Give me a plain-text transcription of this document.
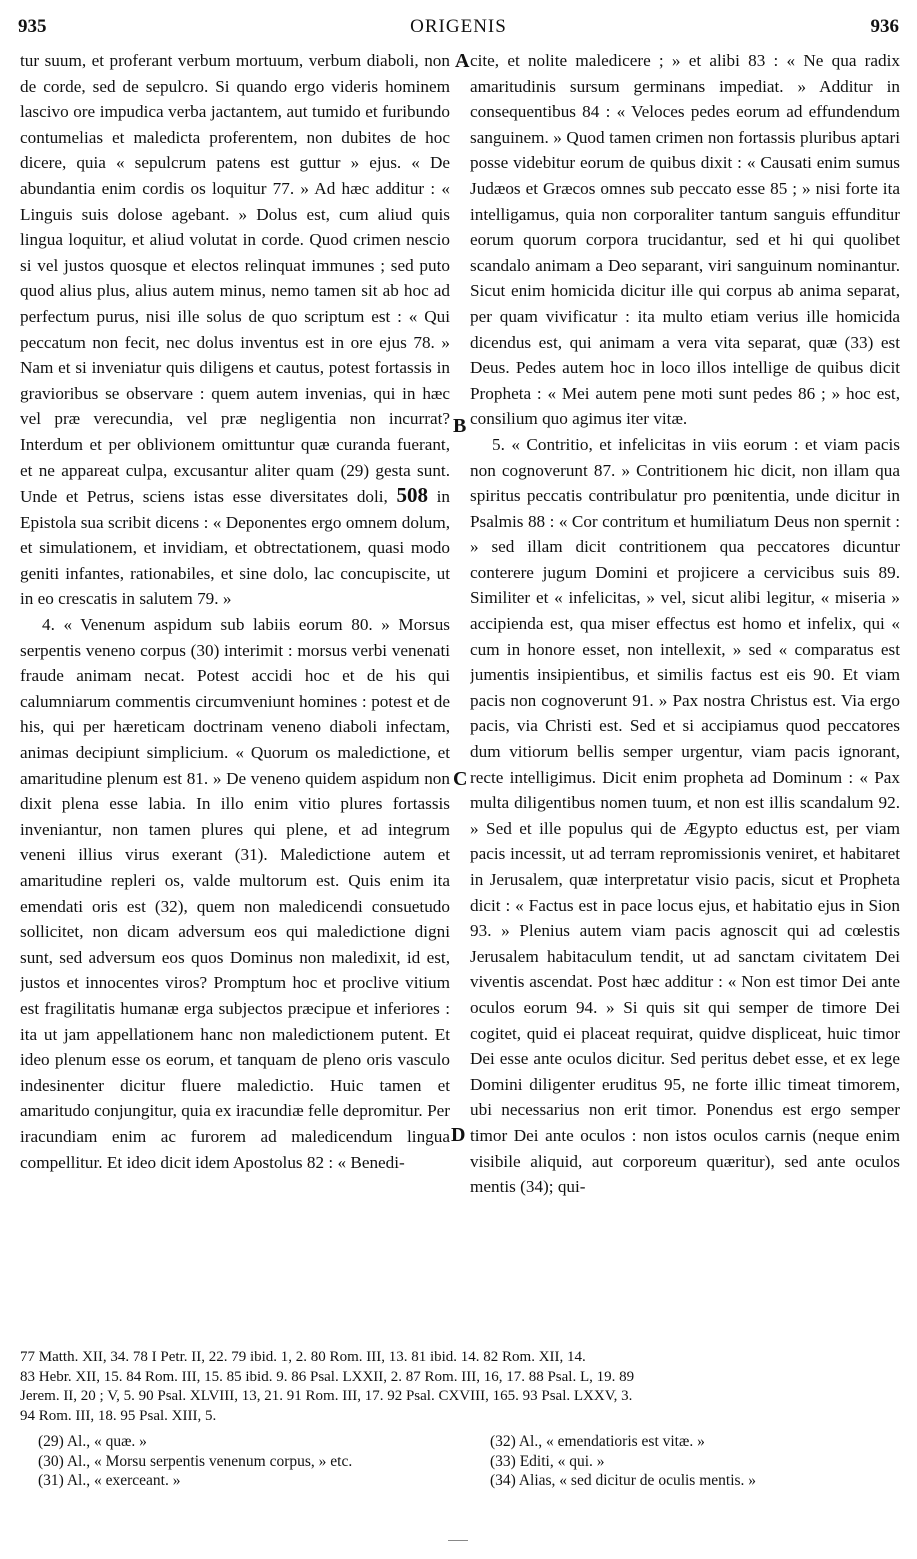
935	ORIGENIS	936

tur suum, et proferant verbum mortuum, verbum diaboli, non de corde, sed de sepulcro. Si quando ergo videris hominem lascivo ore impudica verba jactantem, aut tumido et furibundo contumelias et maledicta proferentem, non dubites de hoc dicere, quia « sepulcrum patens est guttur » ejus. « De abundantia enim cordis os loquitur 77. » Ad hæc additur : « Linguis suis dolose agebant. » Dolus est, cum aliud quis lingua loquitur, et aliud volutat in corde. Quod crimen nescio si vel justos quosque et electos relinquat immunes ; sed puto quod alius plus, alius autem minus, nemo tamen sit ab hoc ad perfectum purus, nisi ille solus de quo scriptum est : « Qui peccatum non fecit, nec dolus inventus est in ore ejus 78. » Nam et si inveniatur quis diligens et cautus, potest fortassis in gravioribus se observare : quem autem invenias, qui in hæc vel præ verecundia, vel præ negligentia non incurrat? Interdum et per oblivionem omittuntur quæ curanda fuerant, et ne appareat culpa, excusantur aliter quam (29) gesta sunt. Unde et Petrus, sciens istas esse diversitates doli, 508 in Epistola sua scribit dicens : « Deponentes ergo omnem dolum, et simulationem, et invidiam, et obtrectationem, quasi modo geniti infantes, rationabiles, et sine dolo, lac concupiscite, ut in eo crescatis in salutem 79. »

4. « Venenum aspidum sub labiis eorum 80. » Morsus serpentis veneno corpus (30) interimit : morsus verbi venenati fraude animam necat. Potest accidi hoc et de his qui calumniarum commentis circumveniunt homines : potest et de his, qui per hæreticam doctrinam veneno diaboli infectam, animas decipiunt simplicium. « Quorum os maledictione, et amaritudine plenum est 81. » De veneno quidem aspidum non dixit plena esse labia. In illo enim vitio plures fortassis inveniantur, non tamen plures qui plene, et ad integrum veneni illius virus exerant (31). Maledictione autem et amaritudine repleri os, valde multorum est. Quis enim ita emendati oris est (32), quem non maledicendi consuetudo sollicitet, non dicam adversum eos qui maledictione digni sunt, sed adversum eos quos Dominus non maledixit, id est, justos et innocentes viros? Promptum hoc et proclive vitium est fragilitatis humanæ erga subjectos præcipue et inferiores : ita ut jam appellationem hanc non maledictionem putent. Et ideo plenum esse os eorum, et tanquam de pleno oris vasculo indesinenter dicitur fluere maledictio. Huic tamen et amaritudo conjungitur, quia ex iracundiæ felle depromitur. Per iracundiam enim ac furorem ad maledicendum lingua compellitur. Et ideo dicit idem Apostolus 82 : « Benedi-

A
B
C
D

cite, et nolite maledicere ; » et alibi 83 : « Ne qua radix amaritudinis sursum germinans impediat. » Additur in consequentibus 84 : « Veloces pedes eorum ad effundendum sanguinem. » Quod tamen crimen non fortassis pluribus aptari posse videbitur eorum de quibus dixit : « Causati enim sumus Judæos et Græcos omnes sub peccato esse 85 ; » nisi forte ita intelligamus, quia non corporaliter tantum sanguis effunditur eorum quorum corpora trucidantur, sed et hi qui quolibet scandalo animam a Deo separant, viri sanguinum nominantur. Sicut enim homicida dicitur ille qui corpus ab anima separat, per quam vivificatur : ita multo etiam verius ille homicida dicendus est, qui animam a vera vita separat, quæ (33) est Deus. Pedes autem hoc in loco illos intellige de quibus dicit Propheta : « Mei autem pene moti sunt pedes 86 ; » hoc est, consilium quo agimus iter vitæ.

5. « Contritio, et infelicitas in viis eorum : et viam pacis non cognoverunt 87. » Contritionem hic dicit, non illam qua spiritus peccatis contribulatur pro pœnitentia, unde dicitur in Psalmis 88 : « Cor contritum et humiliatum Deus non spernit : » sed illam dicit contritionem qua peccatores dicuntur conterere jugum Domini et projicere a cervicibus suis 89. Similiter et « infelicitas, » vel, sicut alibi legitur, « miseria » accipienda est, qua miser effectus est homo et infelix, qui « cum in honore esset, non intellexit, » sed « comparatus est jumentis insipientibus, et similis factus est eis 90. Et viam pacis non cognoverunt 91. » Pax nostra Christus est. Via ergo pacis, via Christi est. Sed et si accipiamus quod peccatores dum vitiorum bellis semper urgentur, viam pacis ignorant, recte intelligimus. Dicit enim propheta ad Dominum : « Pax multa diligentibus nomen tuum, et non est illis scandalum 92. » Sed et ille populus qui de Ægypto eductus est, per viam pacis incessit, ut ad terram repromissionis veniret, et habitaret in Jerusalem, quæ interpretatur visio pacis, sicut et Propheta dicit : « Factus est in pace locus ejus, et habitatio ejus in Sion 93. » Plenius autem viam pacis agnoscit qui ad cœlestis Jerusalem habitaculum tendit, ut ad sanctam civitatem Dei viventis ascendat. Post hæc additur : « Non est timor Dei ante oculos eorum 94. » Si quis sit qui semper de timore Dei cogitet, quid ei placeat requirat, quidve displiceat, huic timor Dei esse ante oculos dicitur. Sed peritus debet esse, et ex lege Domini diligenter eruditus 95, ne forte illic timeat timorem, ubi necessarius non erit timor. Ponendus est ergo semper timor Dei ante oculos : non istos oculos carnis (neque enim visibile aliquid, aut corporeum quæritur), sed ante oculos mentis (34); qui-

77 Matth. XII, 34. 78 I Petr. II, 22. 79 ibid. 1, 2. 80 Rom. III, 13. 81 ibid. 14. 82 Rom. XII, 14.

83 Hebr. XII, 15. 84 Rom. III, 15. 85 ibid. 9. 86 Psal. LXXII, 2. 87 Rom. III, 16, 17. 88 Psal. L, 19. 89

Jerem. II, 20 ; V, 5. 90 Psal. XLVIII, 13, 21. 91 Rom. III, 17. 92 Psal. CXVIII, 165. 93 Psal. LXXV, 3.

94 Rom. III, 18. 95 Psal. XIII, 5.

(29) Al., « quæ. »

(30) Al., « Morsu serpentis venenum corpus, » etc.

(31) Al., « exerceant. »

(32) Al., « emendatioris est vitæ. »

(33) Editi, « qui. »

(34) Alias, « sed dicitur de oculis mentis. »
